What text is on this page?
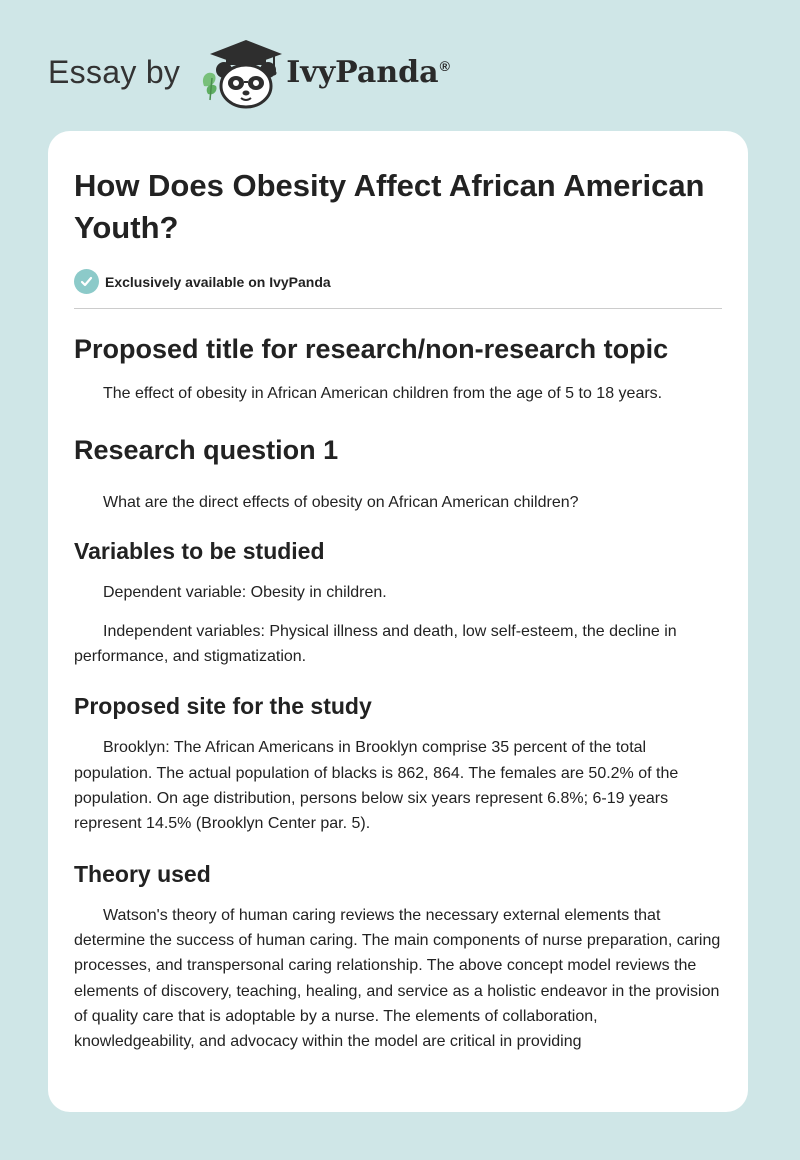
Essay by	IvyPanda®
How Does Obesity Affect African American Youth?
Exclusively available on IvyPanda
Proposed title for research/non-research topic

The effect of obesity in African American children from the age of 5 to 18 years.

Research question 1

What are the direct effects of obesity on African American children?

Variables to be studied

Dependent variable: Obesity in children.

Independent variables: Physical illness and death, low self-esteem, the decline in performance, and stigmatization.

Proposed site for the study

Brooklyn: The African Americans in Brooklyn comprise 35 percent of the total population. The actual population of blacks is 862, 864. The females are 50.2% of the population. On age distribution, persons below six years represent 6.8%; 6-19 years represent 14.5% (Brooklyn Center par. 5).

Theory used

Watson's theory of human caring reviews the necessary external elements that determine the success of human caring. The main components of nurse preparation, caring processes, and transpersonal caring relationship. The above concept model reviews the elements of discovery, teaching, healing, and service as a holistic endeavor in the provision of quality care that is adoptable by a nurse. The elements of collaboration, knowledgeability, and advocacy within the model are critical in providing
